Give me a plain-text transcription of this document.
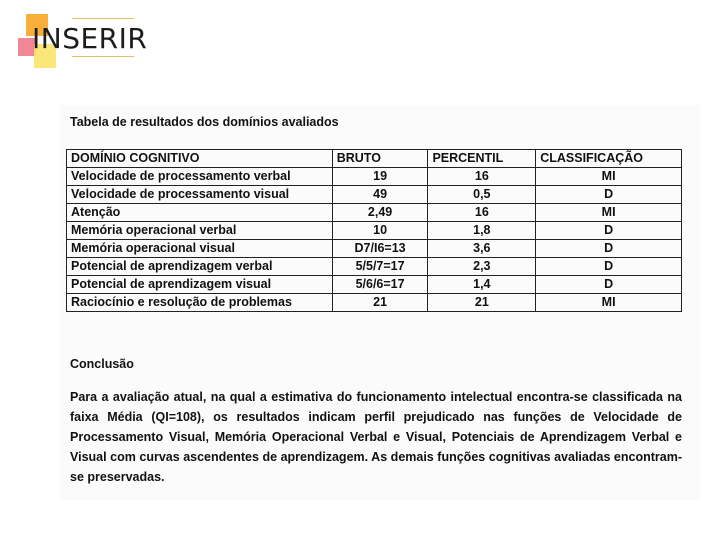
INSERIR
Tabela de resultados dos domínios avaliados
DOMÍNIO COGNITIVO	BRUTO	PERCENTIL	CLASSIFICAÇÃO
Velocidade de processamento verbal	19	16	MI
Velocidade de processamento visual	49	0,5	D
Atenção	2,49	16	MI
Memória operacional verbal	10	1,8	D
Memória operacional visual	D7/I6=13	3,6	D
Potencial de aprendizagem verbal	5/5/7=17	2,3	D
Potencial de aprendizagem visual	5/6/6=17	1,4	D
Raciocínio e resolução de problemas	21	21	MI
Conclusão
Para a avaliação atual, na qual a estimativa do funcionamento intelectual encontra-se classificada na faixa Média (QI=108), os resultados indicam perfil prejudicado nas funções de Velocidade de Processamento Visual, Memória Operacional Verbal e Visual, Potenciais de Aprendizagem Verbal e Visual com curvas ascendentes de aprendizagem. As demais funções cognitivas avaliadas encontram-se preservadas.
